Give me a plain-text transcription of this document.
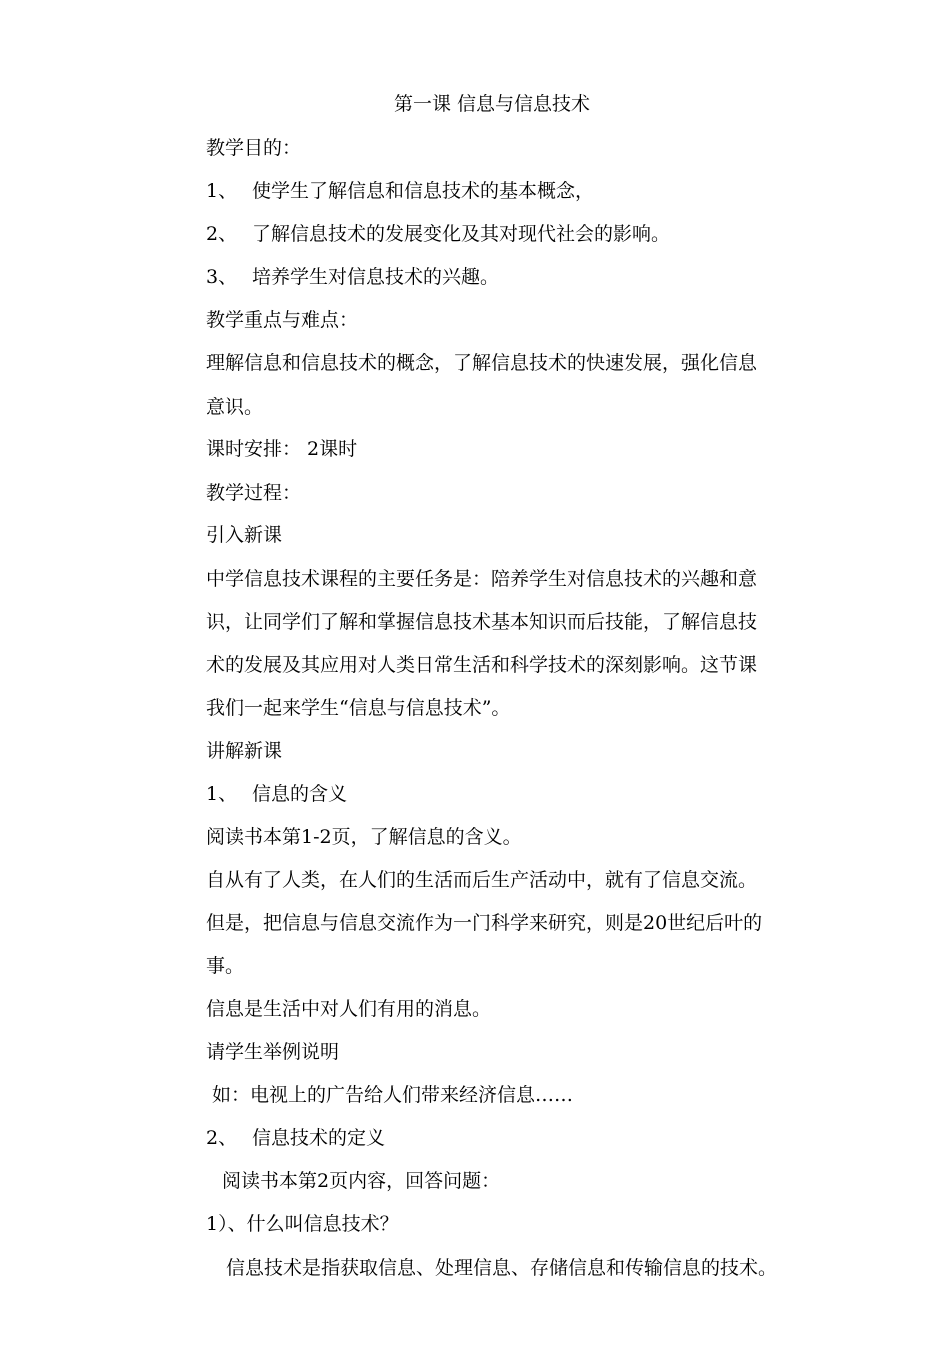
第一课 信息与信息技术
教学目的：
1、 使学生了解信息和信息技术的基本概念，
2、 了解信息技术的发展变化及其对现代社会的影响。
3、 培养学生对信息技术的兴趣。
教学重点与难点：
理解信息和信息技术的概念，了解信息技术的快速发展，强化信息
意识。
课时安排： 2课时
教学过程：
引入新课
中学信息技术课程的主要任务是：陪养学生对信息技术的兴趣和意
识，让同学们了解和掌握信息技术基本知识而后技能，了解信息技
术的发展及其应用对人类日常生活和科学技术的深刻影响。这节课
我们一起来学生“信息与信息技术”。
讲解新课
1、 信息的含义
阅读书本第1-2页，了解信息的含义。
自从有了人类，在人们的生活而后生产活动中，就有了信息交流。
但是，把信息与信息交流作为一门科学来研究，则是20世纪后叶的
事。
信息是生活中对人们有用的消息。
请学生举例说明
如：电视上的广告给人们带来经济信息……
2、 信息技术的定义
阅读书本第2页内容，回答问题：
1）、什么叫信息技术？
信息技术是指获取信息、处理信息、存储信息和传输信息的技术。
